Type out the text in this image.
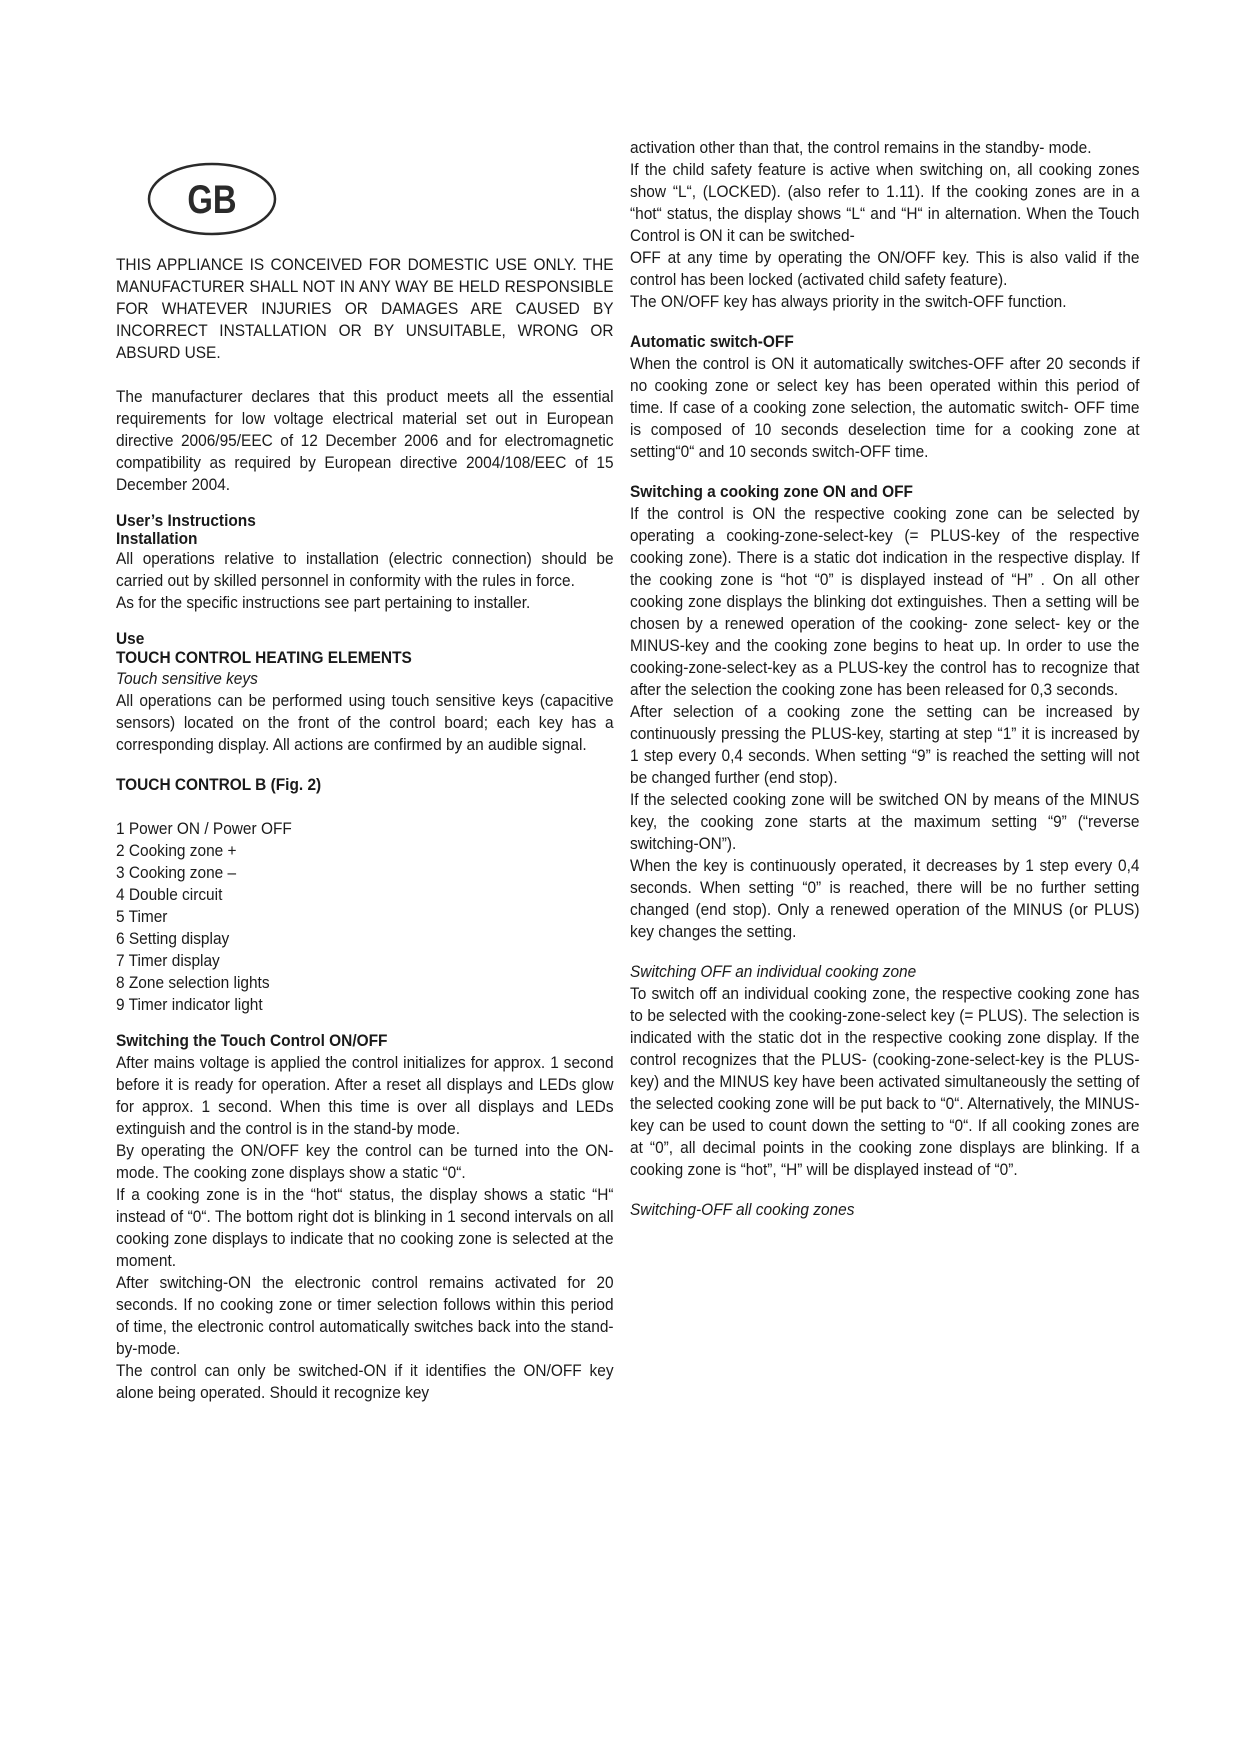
GB

THIS APPLIANCE IS CONCEIVED FOR DOMESTIC USE ONLY. THE MANUFACTURER SHALL NOT IN ANY WAY BE HELD RESPONSIBLE FOR WHATEVER INJURIES OR DAMAGES ARE CAUSED BY INCORRECT INSTALLATION OR BY UNSUITABLE, WRONG OR ABSURD USE.

The manufacturer declares that this product meets all the essential requirements for low voltage electrical material set out in European directive 2006/95/EEC of 12 December 2006 and for electromagnetic compatibility as required by European directive 2004/108/EEC of 15 December 2004.

User’s Instructions

Installation

All operations relative to installation (electric connection) should be carried out by skilled personnel in conformity with the rules in force.

As for the specific instructions see part pertaining to installer.

Use

TOUCH CONTROL HEATING ELEMENTS

Touch sensitive keys

All operations can be performed using touch sensitive keys (capacitive sensors) located on the front of the control board; each key has a corresponding display. All actions are confirmed by an audible signal.

TOUCH CONTROL B (Fig. 2)

1 Power ON / Power OFF

2 Cooking zone +

3 Cooking zone –

4 Double circuit

5 Timer

6 Setting display

7 Timer display

8 Zone selection lights

9 Timer indicator light

Switching the Touch Control ON/OFF

After mains voltage is applied the control initializes for approx. 1 second before it is ready for operation. After a reset all displays and LEDs glow for approx. 1 second. When this time is over all displays and LEDs extinguish and the control is in the stand-by mode.

By operating the ON/OFF key the control can be turned into the ON-mode. The cooking zone displays show a static “0“.

If a cooking zone is in the “hot“ status, the display shows a static “H“ instead of “0“. The bottom right dot is blinking in 1 second intervals on all cooking zone displays to indicate that no cooking zone is selected at the moment.

After switching-ON the electronic control remains activated for 20 seconds. If no cooking zone or timer selection follows within this period of time, the electronic control automatically switches back into the stand-by-mode.

The control can only be switched-ON if it identifies the ON/OFF key alone being operated. Should it recognize key

activation other than that, the control remains in the standby- mode.

If the child safety feature is active when switching on, all cooking zones show “L“, (LOCKED). (also refer to 1.11). If the cooking zones are in a “hot“ status, the display shows “L“ and “H“ in alternation. When the Touch Control is ON it can be switched-

OFF at any time by operating the ON/OFF key. This is also valid if the control has been locked (activated child safety feature).

The ON/OFF key has always priority in the switch-OFF function.

Automatic switch-OFF

When the control is ON it automatically switches-OFF after 20 seconds if no cooking zone or select key has been operated within this period of time. If case of a cooking zone selection, the automatic switch- OFF time is composed of 10 seconds deselection time for a cooking zone at setting“0“ and 10 seconds switch-OFF time.

Switching a cooking zone ON and OFF

If the control is ON the respective cooking zone can be selected by operating a cooking-zone-select-key (= PLUS-key of the respective cooking zone). There is a static dot indication in the respective display. If the cooking zone is “hot “0” is displayed instead of “H” . On all other cooking zone displays the blinking dot extinguishes. Then a setting will be chosen by a renewed operation of the cooking- zone select- key or the MINUS-key and the cooking zone begins to heat up. In order to use the cooking-zone-select-key as a PLUS-key the control has to recognize that after the selection the cooking zone has been released for 0,3 seconds.

After selection of a cooking zone the setting can be increased by continuously pressing the PLUS-key, starting at step “1” it is increased by 1 step every 0,4 seconds. When setting “9” is reached the setting will not be changed further (end stop).

If the selected cooking zone will be switched ON by means of the MINUS key, the cooking zone starts at the maximum setting “9” (“reverse switching-ON”).

When the key is continuously operated, it decreases by 1 step every 0,4 seconds. When setting “0” is reached, there will be no further setting changed (end stop). Only a renewed operation of the MINUS (or PLUS) key changes the setting.

Switching OFF an individual cooking zone

To switch off an individual cooking zone, the respective cooking zone has to be selected with the cooking-zone-select key (= PLUS). The selection is indicated with the static dot in the respective cooking zone display. If the control recognizes that the PLUS- (cooking-zone-select-key is the PLUS-key) and the MINUS key have been activated simultaneously the setting of the selected cooking zone will be put back to “0“. Alternatively, the MINUS-key can be used to count down the setting to “0“. If all cooking zones are at “0”, all decimal points in the cooking zone displays are blinking. If a cooking zone is “hot”, “H” will be displayed instead of “0”.

Switching-OFF all cooking zones
